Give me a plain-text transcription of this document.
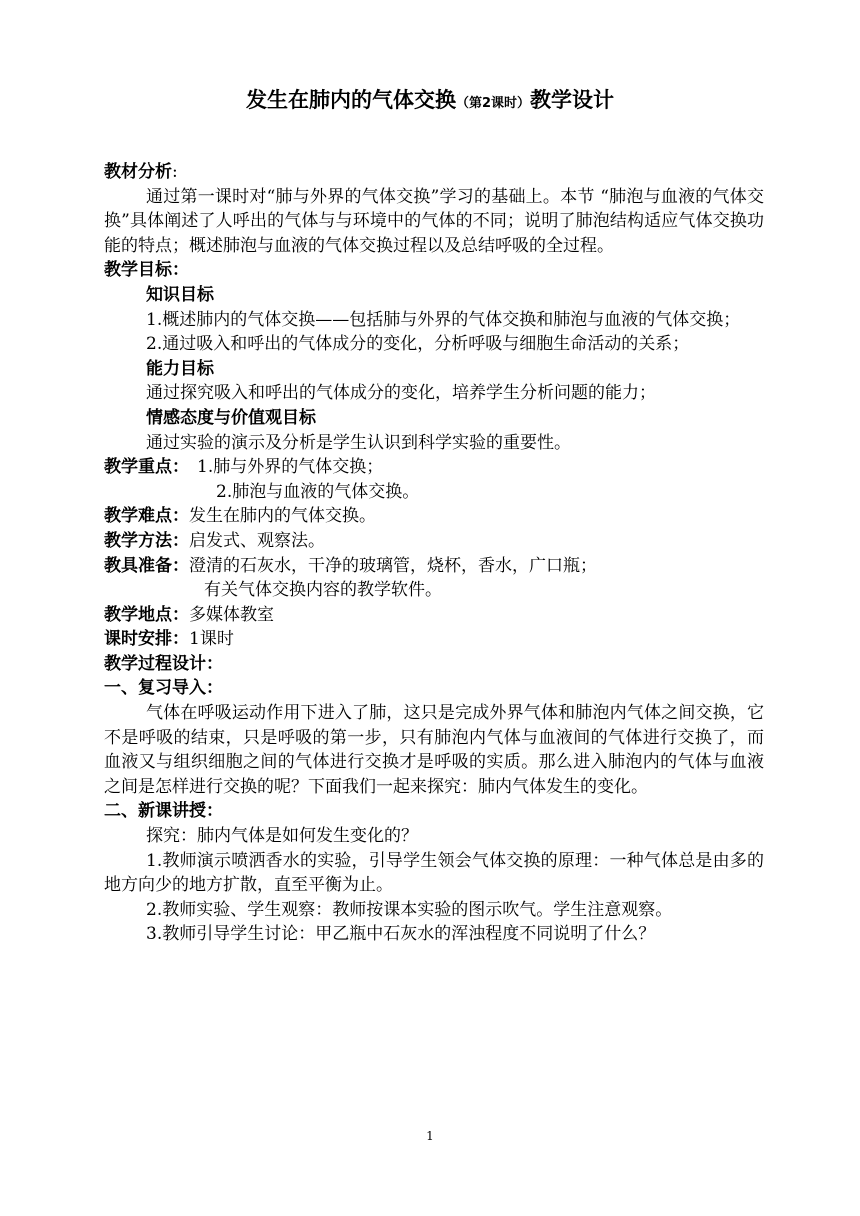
发生在肺内的气体交换（第2课时）教学设计

教材分析:

通过第一课时对“肺与外界的气体交换”学习的基础上。本节 “肺泡与血液的气体交换”具体阐述了人呼出的气体与与环境中的气体的不同；说明了肺泡结构适应气体交换功能的特点；概述肺泡与血液的气体交换过程以及总结呼吸的全过程。

教学目标：

知识目标

1.概述肺内的气体交换——包括肺与外界的气体交换和肺泡与血液的气体交换；

2.通过吸入和呼出的气体成分的变化，分析呼吸与细胞生命活动的关系；

能力目标

通过探究吸入和呼出的气体成分的变化，培养学生分析问题的能力；

情感态度与价值观目标

通过实验的演示及分析是学生认识到科学实验的重要性。

教学重点： 1.肺与外界的气体交换；

2.肺泡与血液的气体交换。

教学难点： 发生在肺内的气体交换。
教学方法： 启发式、观察法。
教具准备： 澄清的石灰水，干净的玻璃管，烧杯，香水，广口瓶；

有关气体交换内容的教学软件。

教学地点： 多媒体教室
课时安排： 1课时

教学过程设计：

一、复习导入：

气体在呼吸运动作用下进入了肺，这只是完成外界气体和肺泡内气体之间交换，它不是呼吸的结束，只是呼吸的第一步，只有肺泡内气体与血液间的气体进行交换了，而血液又与组织细胞之间的气体进行交换才是呼吸的实质。那么进入肺泡内的气体与血液之间是怎样进行交换的呢？下面我们一起来探究：肺内气体发生的变化。

二、新课讲授：

探究：肺内气体是如何发生变化的？

1.教师演示喷洒香水的实验，引导学生领会气体交换的原理：一种气体总是由多的地方向少的地方扩散，直至平衡为止。

2.教师实验、学生观察：教师按课本实验的图示吹气。学生注意观察。

3.教师引导学生讨论：甲乙瓶中石灰水的浑浊程度不同说明了什么？

1
